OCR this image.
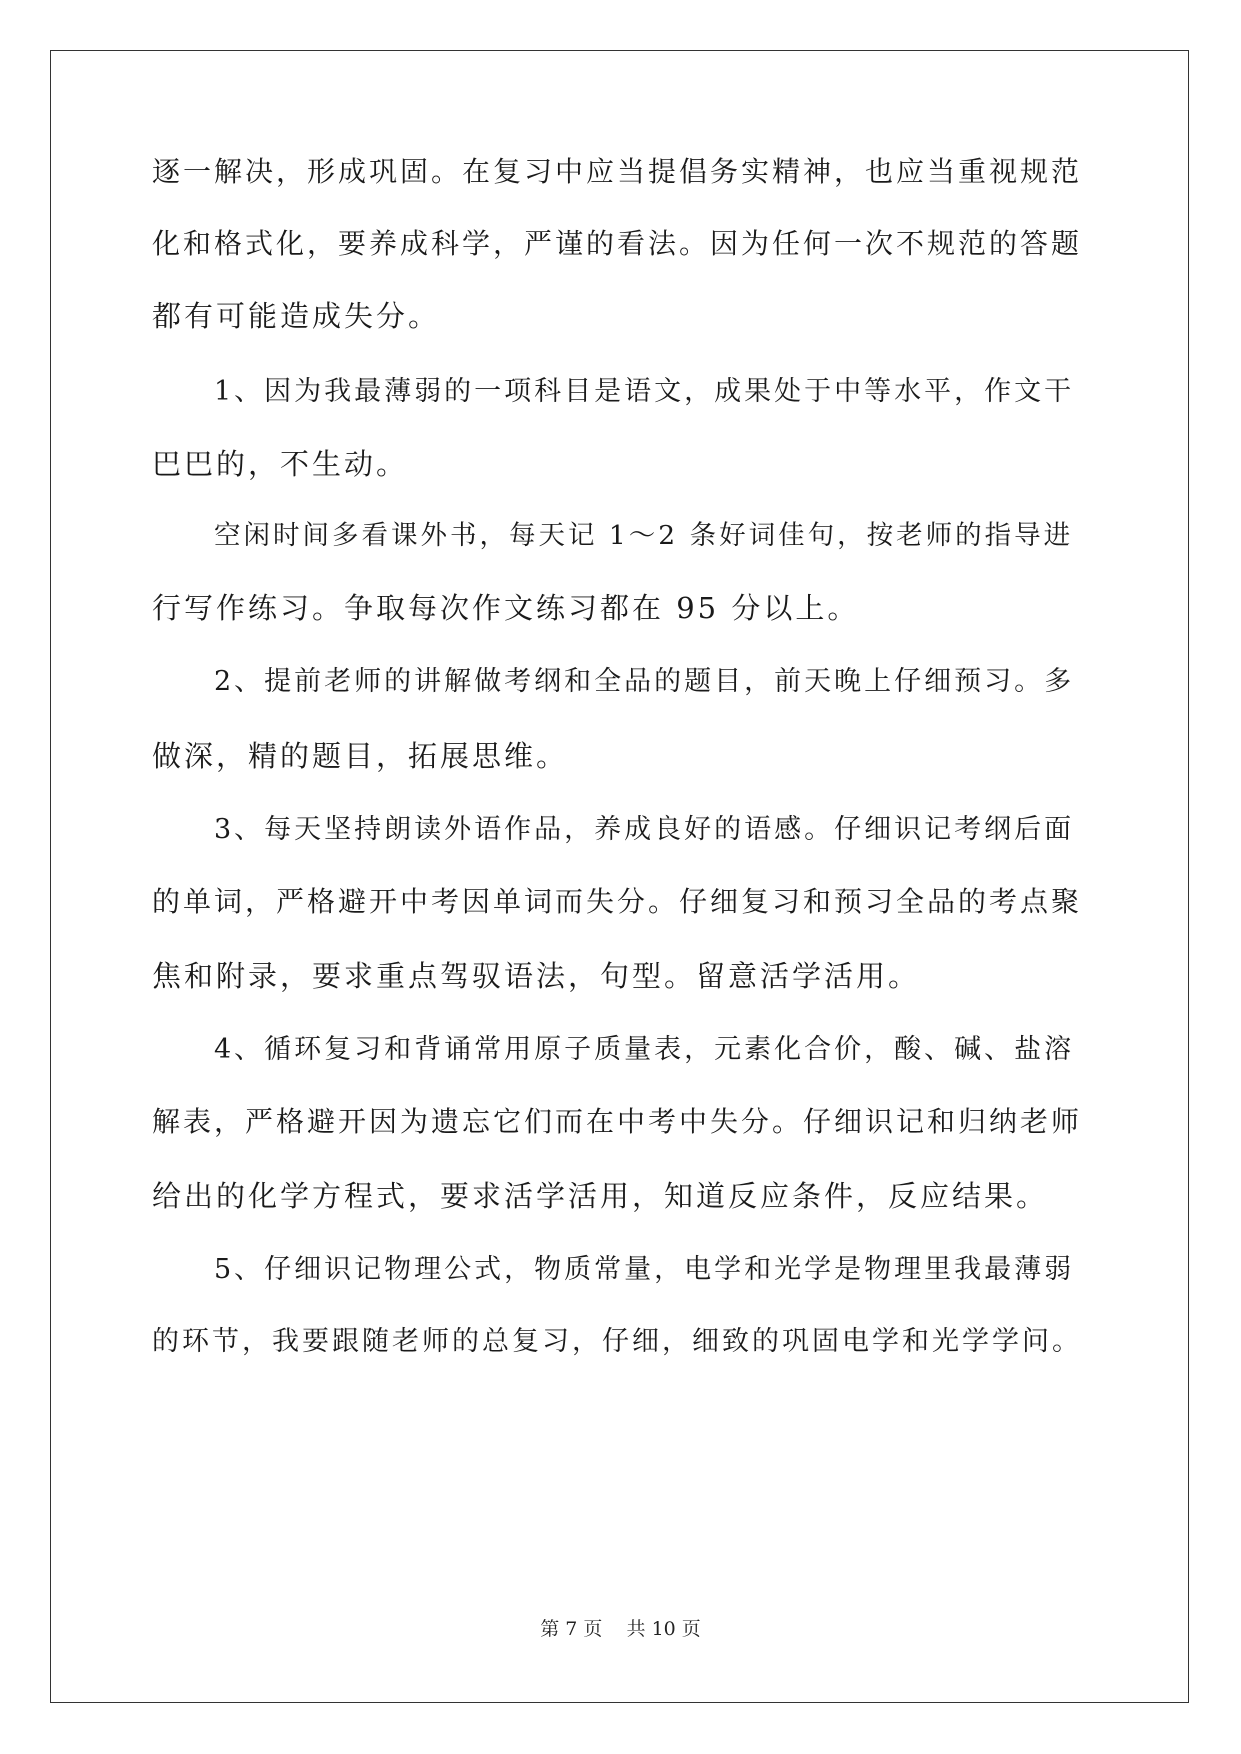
逐一解决，形成巩固。在复习中应当提倡务实精神，也应当重视规范
化和格式化，要养成科学，严谨的看法。因为任何一次不规范的答题
都有可能造成失分。
1、因为我最薄弱的一项科目是语文，成果处于中等水平，作文干
巴巴的，不生动。
空闲时间多看课外书，每天记 1～2 条好词佳句，按老师的指导进
行写作练习。争取每次作文练习都在 95 分以上。
2、提前老师的讲解做考纲和全品的题目，前天晚上仔细预习。多
做深，精的题目，拓展思维。
3、每天坚持朗读外语作品，养成良好的语感。仔细识记考纲后面
的单词，严格避开中考因单词而失分。仔细复习和预习全品的考点聚
焦和附录，要求重点驾驭语法，句型。留意活学活用。
4、循环复习和背诵常用原子质量表，元素化合价，酸、碱、盐溶
解表，严格避开因为遗忘它们而在中考中失分。仔细识记和归纳老师
给出的化学方程式，要求活学活用，知道反应条件，反应结果。
5、仔细识记物理公式，物质常量，电学和光学是物理里我最薄弱
的环节，我要跟随老师的总复习，仔细，细致的巩固电学和光学学问。
第 7 页 共 10 页
